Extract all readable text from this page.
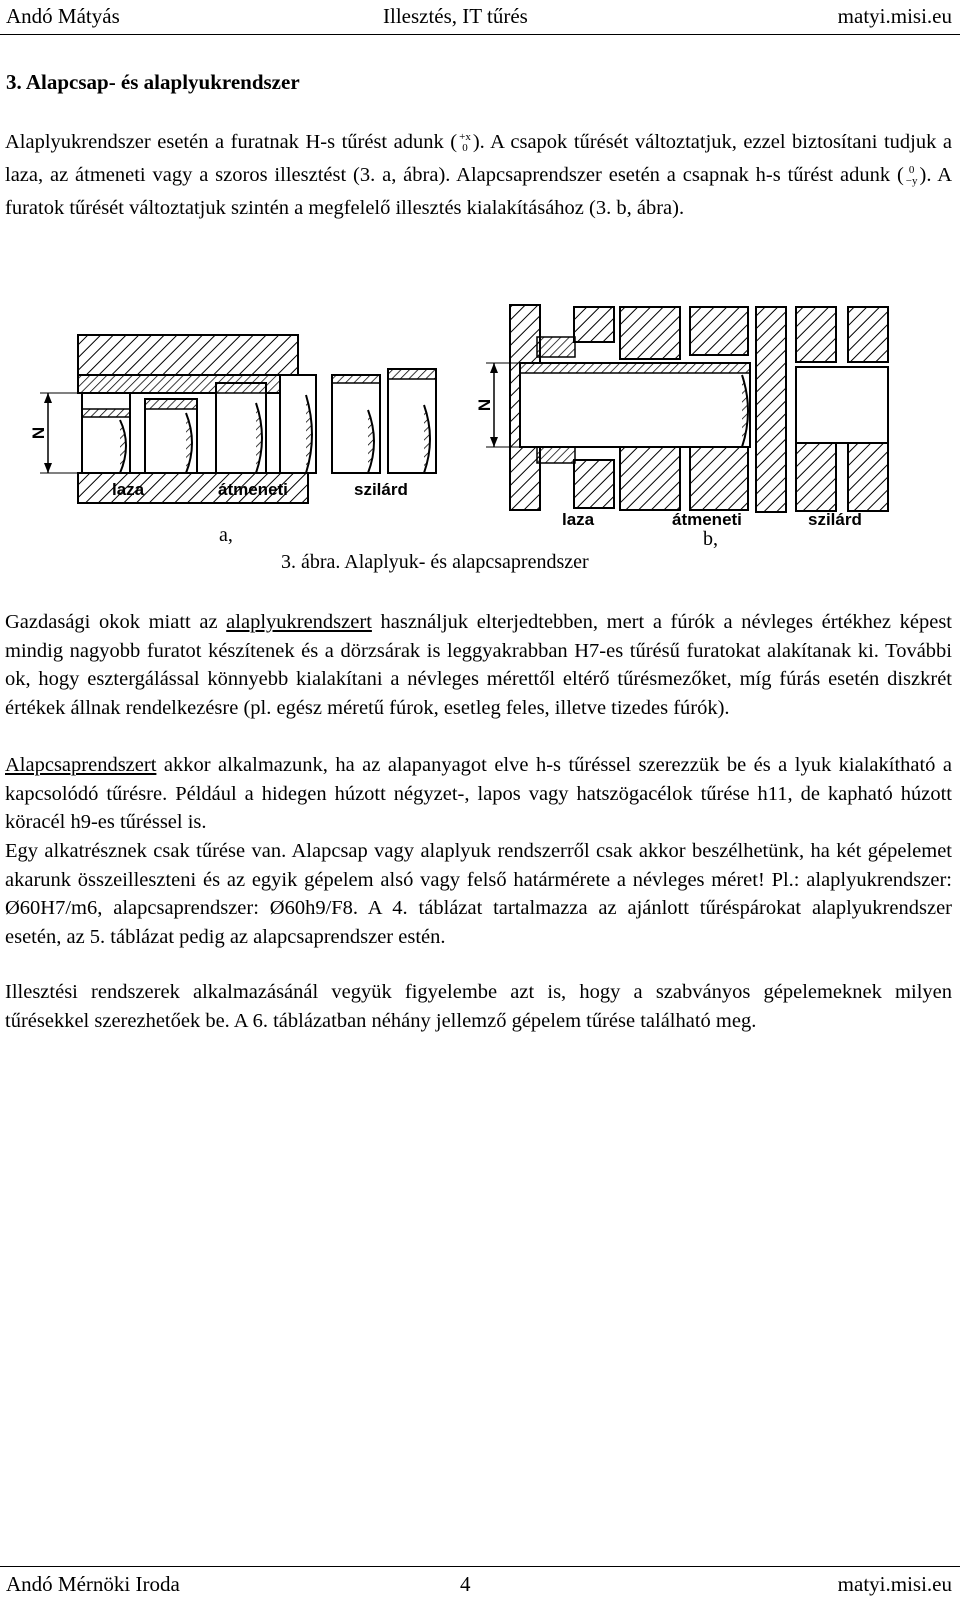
Andó Mátyás	Illesztés, IT tűrés	matyi.misi.eu
3. Alapcsap- és alaplyukrendszer
Alaplyukrendszer esetén a furatnak H-s tűrést adunk ( +x
0 ). A csapok tűrését változtatjuk, ezzel biztosítani tudjuk a laza, az átmeneti vagy a szoros illesztést (3. a, ábra). Alapcsaprendszer esetén a csapnak h-s tűrést adunk ( 0
−y ). A furatok tűrését változtatjuk szintén a megfelelő illesztés kialakításához (3. b, ábra).
N
laza	átmeneti	szilárd
N
laza	átmeneti	szilárd
a,	b,
3. ábra. Alaplyuk- és alapcsaprendszer
Gazdasági okok miatt az alaplyukrendszert használjuk elterjedtebben, mert a fúrók a névleges értékhez képest mindig nagyobb furatot készítenek és a dörzsárak is leggyakrabban H7-es tűrésű furatokat alakítanak ki. További ok, hogy esztergálással könnyebb kialakítani a névleges mérettől eltérő tűrésmezőket, míg fúrás esetén diszkrét értékek állnak rendelkezésre (pl. egész méretű fúrok, esetleg feles, illetve tizedes fúrók).
Alapcsaprendszert akkor alkalmazunk, ha az alapanyagot elve h-s tűréssel szerezzük be és a lyuk kialakítható a kapcsolódó tűrésre. Például a hidegen húzott négyzet-, lapos vagy hatszögacélok tűrése h11, de kapható húzott köracél h9-es tűréssel is.
Egy alkatrésznek csak tűrése van. Alapcsap vagy alaplyuk rendszerről csak akkor beszélhetünk, ha két gépelemet akarunk összeilleszteni és az egyik gépelem alsó vagy felső határmérete a névleges méret! Pl.: alaplyukrendszer: Ø60H7/m6, alapcsaprendszer: Ø60h9/F8. A 4. táblázat tartalmazza az ajánlott tűréspárokat alaplyukrendszer esetén, az 5. táblázat pedig az alapcsaprendszer estén.
Illesztési rendszerek alkalmazásánál vegyük figyelembe azt is, hogy a szabványos gépelemeknek milyen tűrésekkel szerezhetőek be. A 6. táblázatban néhány jellemző gépelem tűrése található meg.
Andó Mérnöki Iroda	4	matyi.misi.eu
